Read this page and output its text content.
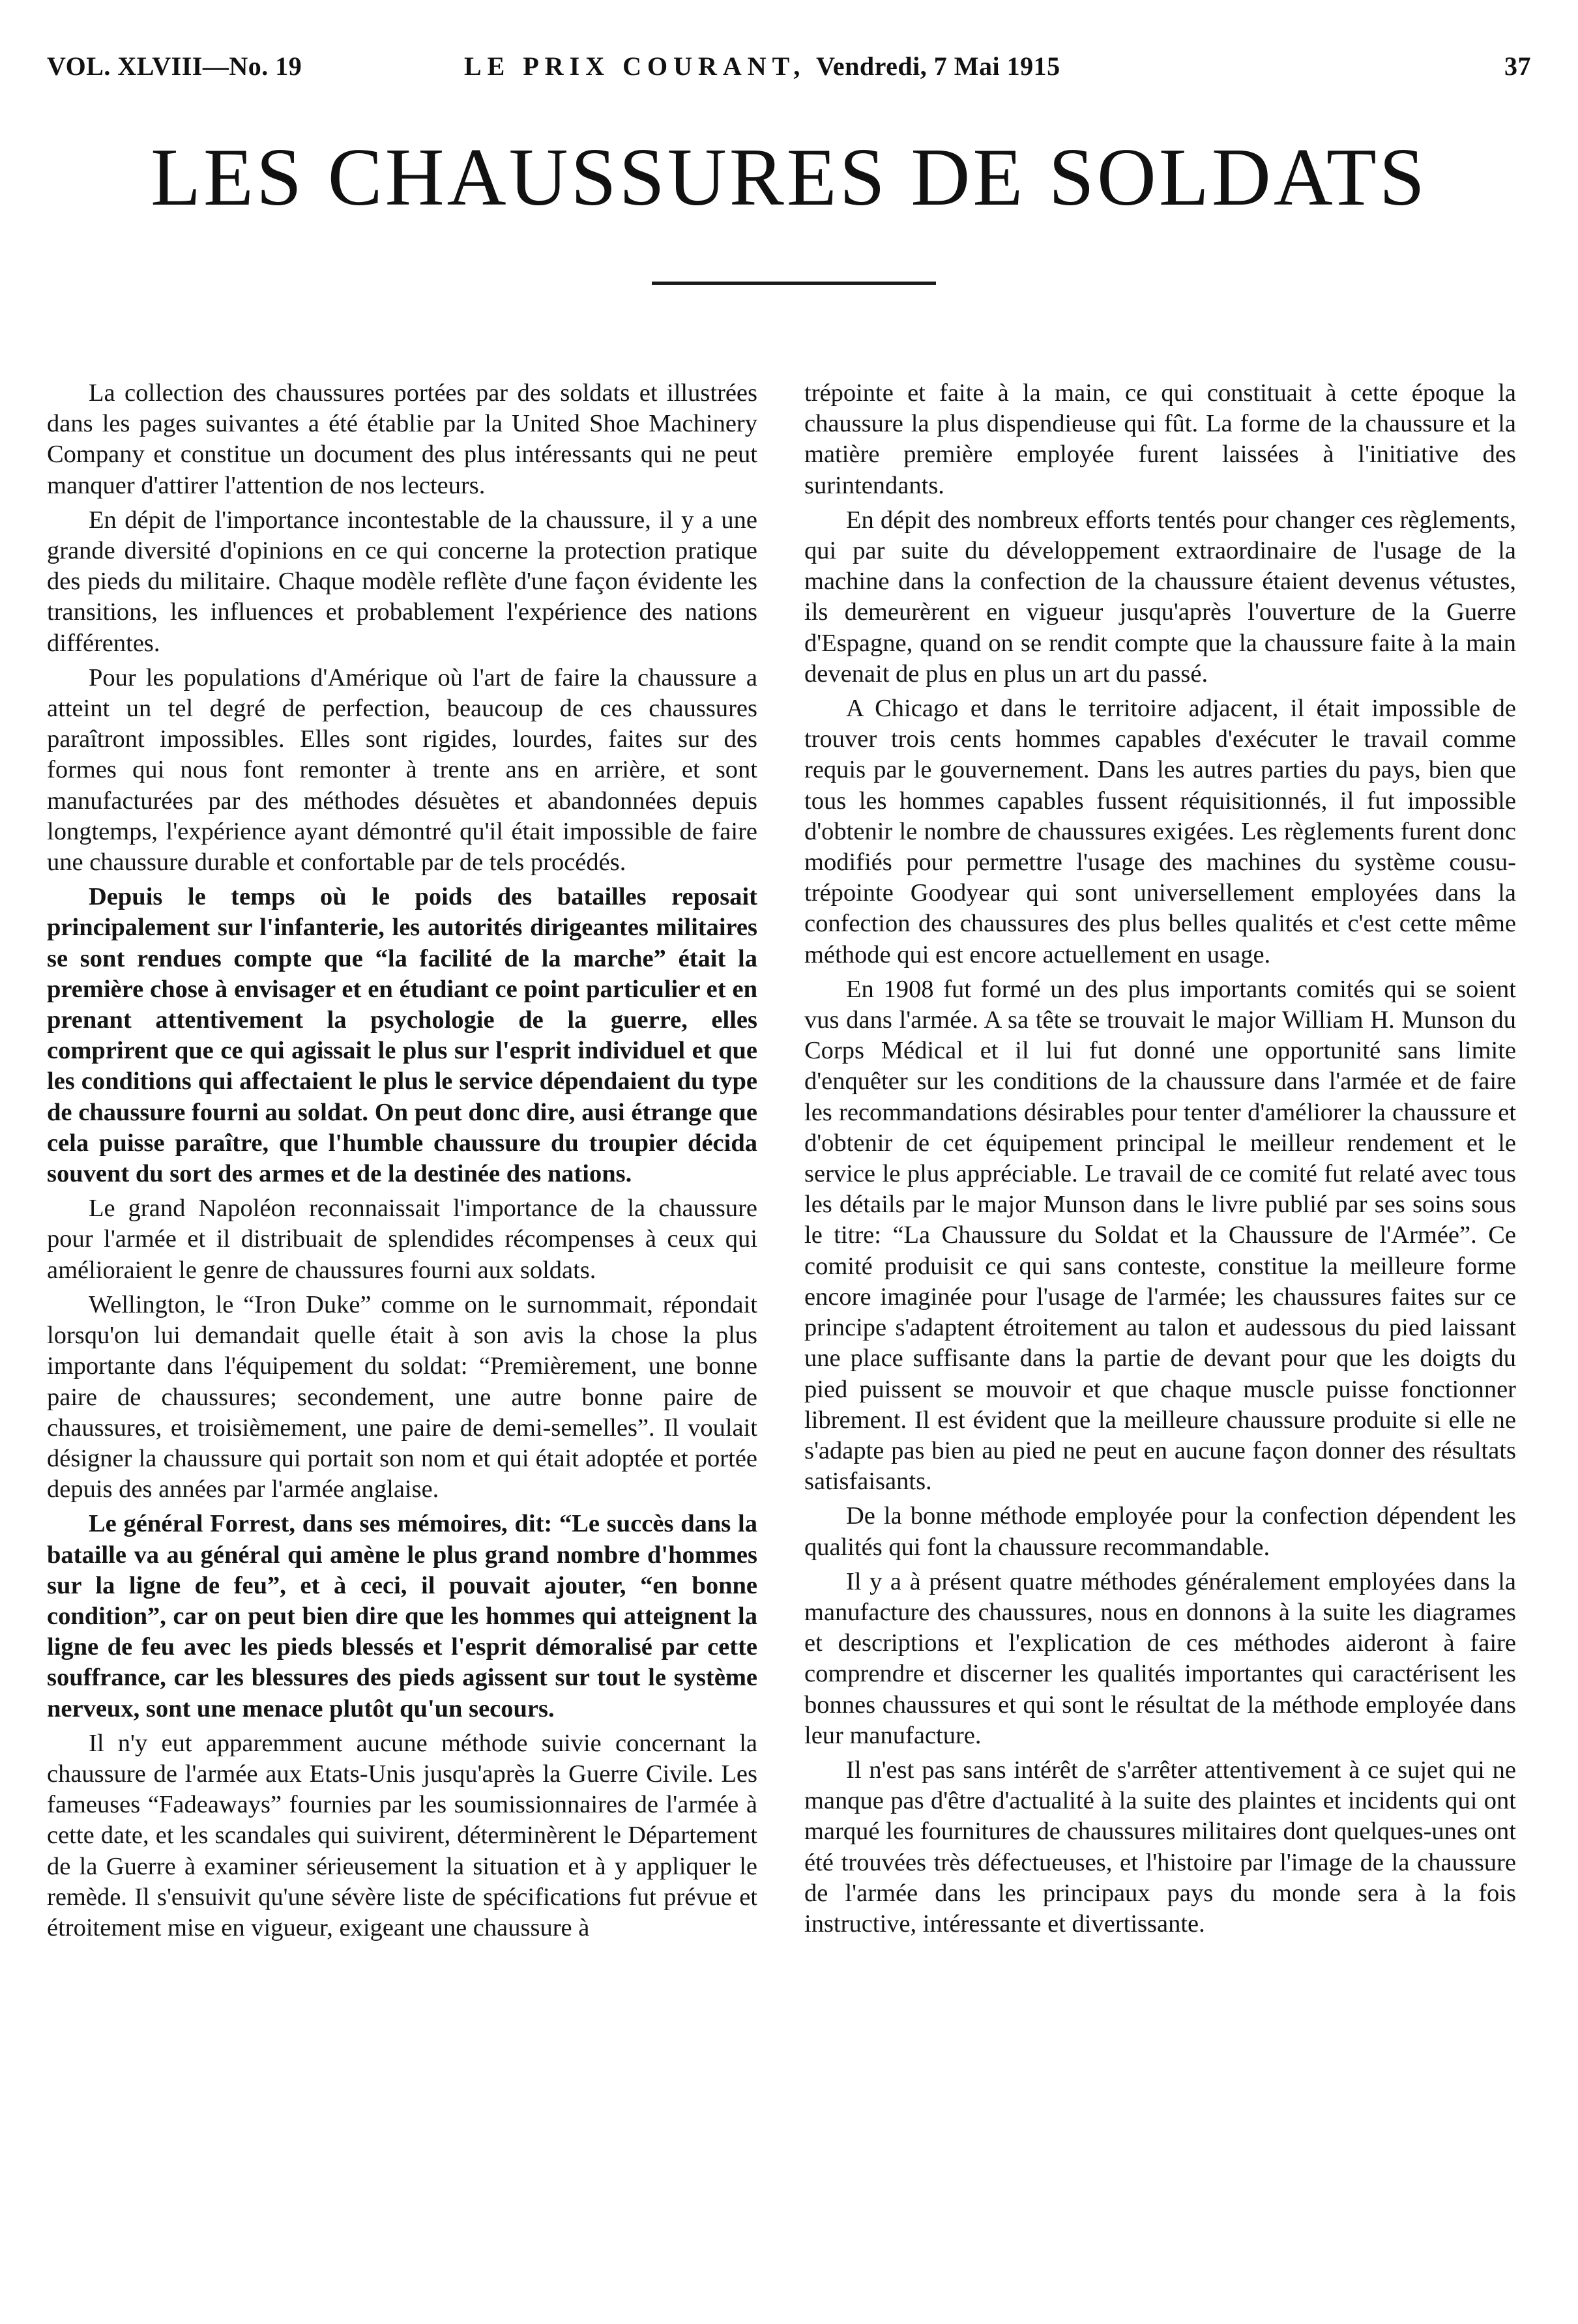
VOL. XLVIII—No. 19	LE PRIX COURANT, Vendredi, 7 Mai 1915	37
LES CHAUSSURES DE SOLDATS

La collection des chaussures portées par des soldats et illustrées dans les pages suivantes a été établie par la United Shoe Machinery Company et constitue un document des plus intéressants qui ne peut manquer d'attirer l'attention de nos lecteurs.

En dépit de l'importance incontestable de la chaussure, il y a une grande diversité d'opinions en ce qui concerne la protection pratique des pieds du militaire. Chaque modèle reflète d'une façon évidente les transitions, les influences et probablement l'expérience des nations différentes.

Pour les populations d'Amérique où l'art de faire la chaussure a atteint un tel degré de perfection, beaucoup de ces chaussures paraîtront impossibles. Elles sont rigides, lourdes, faites sur des formes qui nous font remonter à trente ans en arrière, et sont manufacturées par des méthodes désuètes et abandonnées depuis longtemps, l'expérience ayant démontré qu'il était impossible de faire une chaussure durable et confortable par de tels procédés.

Depuis le temps où le poids des batailles reposait principalement sur l'infanterie, les autorités dirigeantes militaires se sont rendues compte que “la facilité de la marche” était la première chose à envisager et en étudiant ce point particulier et en prenant attentivement la psychologie de la guerre, elles comprirent que ce qui agissait le plus sur l'esprit individuel et que les conditions qui affectaient le plus le service dépendaient du type de chaussure fourni au soldat. On peut donc dire, ausi étrange que cela puisse paraître, que l'humble chaussure du troupier décida souvent du sort des armes et de la destinée des nations.

Le grand Napoléon reconnaissait l'importance de la chaussure pour l'armée et il distribuait de splendides récompenses à ceux qui amélioraient le genre de chaussures fourni aux soldats.

Wellington, le “Iron Duke” comme on le surnommait, répondait lorsqu'on lui demandait quelle était à son avis la chose la plus importante dans l'équipement du soldat: “Premièrement, une bonne paire de chaussures; secondement, une autre bonne paire de chaussures, et troisièmement, une paire de demi-semelles”. Il voulait désigner la chaussure qui portait son nom et qui était adoptée et portée depuis des années par l'armée anglaise.

Le général Forrest, dans ses mémoires, dit: “Le succès dans la bataille va au général qui amène le plus grand nombre d'hommes sur la ligne de feu”, et à ceci, il pouvait ajouter, “en bonne condition”, car on peut bien dire que les hommes qui atteignent la ligne de feu avec les pieds blessés et l'esprit démoralisé par cette souffrance, car les blessures des pieds agissent sur tout le système nerveux, sont une menace plutôt qu'un secours.

Il n'y eut apparemment aucune méthode suivie concernant la chaussure de l'armée aux Etats-Unis jusqu'après la Guerre Civile. Les fameuses “Fadeaways” fournies par les soumissionnaires de l'armée à cette date, et les scandales qui suivirent, déterminèrent le Département de la Guerre à examiner sérieusement la situation et à y appliquer le remède. Il s'ensuivit qu'une sévère liste de spécifications fut prévue et étroitement mise en vigueur, exigeant une chaussure à

trépointe et faite à la main, ce qui constituait à cette époque la chaussure la plus dispendieuse qui fût. La forme de la chaussure et la matière première employée furent laissées à l'initiative des surintendants.

En dépit des nombreux efforts tentés pour changer ces règlements, qui par suite du développement extraordinaire de l'usage de la machine dans la confection de la chaussure étaient devenus vétustes, ils demeurèrent en vigueur jusqu'après l'ouverture de la Guerre d'Espagne, quand on se rendit compte que la chaussure faite à la main devenait de plus en plus un art du passé.

A Chicago et dans le territoire adjacent, il était impossible de trouver trois cents hommes capables d'exécuter le travail comme requis par le gouvernement. Dans les autres parties du pays, bien que tous les hommes capables fussent réquisitionnés, il fut impossible d'obtenir le nombre de chaussures exigées. Les règlements furent donc modifiés pour permettre l'usage des machines du système cousu-trépointe Goodyear qui sont universellement employées dans la confection des chaussures des plus belles qualités et c'est cette même méthode qui est encore actuellement en usage.

En 1908 fut formé un des plus importants comités qui se soient vus dans l'armée. A sa tête se trouvait le major William H. Munson du Corps Médical et il lui fut donné une opportunité sans limite d'enquêter sur les conditions de la chaussure dans l'armée et de faire les recommandations désirables pour tenter d'améliorer la chaussure et d'obtenir de cet équipement principal le meilleur rendement et le service le plus appréciable. Le travail de ce comité fut relaté avec tous les détails par le major Munson dans le livre publié par ses soins sous le titre: “La Chaussure du Soldat et la Chaussure de l'Armée”. Ce comité produisit ce qui sans conteste, constitue la meilleure forme encore imaginée pour l'usage de l'armée; les chaussures faites sur ce principe s'adaptent étroitement au talon et audessous du pied laissant une place suffisante dans la partie de devant pour que les doigts du pied puissent se mouvoir et que chaque muscle puisse fonctionner librement. Il est évident que la meilleure chaussure produite si elle ne s'adapte pas bien au pied ne peut en aucune façon donner des résultats satisfaisants.

De la bonne méthode employée pour la confection dépendent les qualités qui font la chaussure recommandable.

Il y a à présent quatre méthodes généralement employées dans la manufacture des chaussures, nous en donnons à la suite les diagrames et descriptions et l'explication de ces méthodes aideront à faire comprendre et discerner les qualités importantes qui caractérisent les bonnes chaussures et qui sont le résultat de la méthode employée dans leur manufacture.

Il n'est pas sans intérêt de s'arrêter attentivement à ce sujet qui ne manque pas d'être d'actualité à la suite des plaintes et incidents qui ont marqué les fournitures de chaussures militaires dont quelques-unes ont été trouvées très défectueuses, et l'histoire par l'image de la chaussure de l'armée dans les principaux pays du monde sera à la fois instructive, intéressante et divertissante.
